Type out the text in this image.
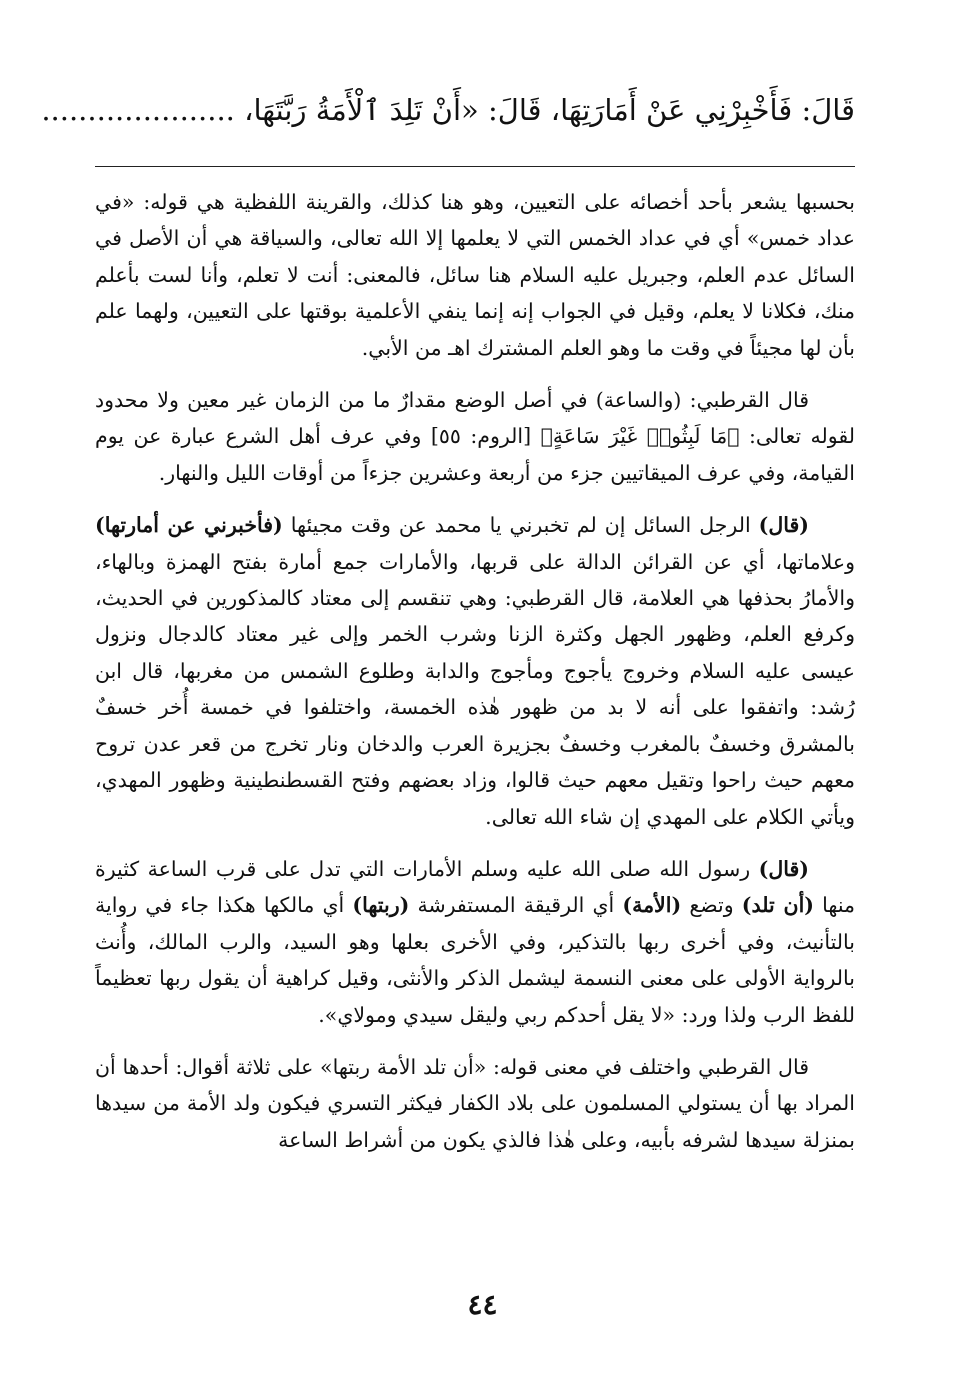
قَالَ: فَأَخْبِرْنِي عَنْ أَمَارَتِهَا، قَالَ: «أَنْ تَلِدَ ٱلْأَمَةُ رَبَّتَهَا، .....................

بحسبها يشعر بأحد أخصائه على التعيين، وهو هنا كذلك، والقرينة اللفظية هي قوله: «في عداد خمس» أي في عداد الخمس التي لا يعلمها إلا الله تعالى، والسياقة هي أن الأصل في السائل عدم العلم، وجبريل عليه السلام هنا سائل، فالمعنى: أنت لا تعلم، وأنا لست بأعلم منك، فكلانا لا يعلم، وقيل في الجواب إنه إنما ينفي الأعلمية بوقتها على التعيين، ولهما علم بأن لها مجيئاً في وقت ما وهو العلم المشترك اهـ من الأبي.

قال القرطبي: (والساعة) في أصل الوضع مقدارٌ ما من الزمان غير معين ولا محدود لقوله تعالى: ﴿مَا لَبِثُوا۟ غَيْرَ سَاعَةٍ﴾ [الروم: ٥٥] وفي عرف أهل الشرع عبارة عن يوم القيامة، وفي عرف الميقاتيين جزء من أربعة وعشرين جزءاً من أوقات الليل والنهار.

(قال) الرجل السائل إن لم تخبرني يا محمد عن وقت مجيئها (فأخبرني عن أمارتها) وعلاماتها، أي عن القرائن الدالة على قربها، والأمارات جمع أمارة بفتح الهمزة وبالهاء، والأمارُ بحذفها هي العلامة، قال القرطبي: وهي تنقسم إلى معتاد كالمذكورين في الحديث، وكرفع العلم، وظهور الجهل وكثرة الزنا وشرب الخمر وإلى غير معتاد كالدجال ونزول عيسى عليه السلام وخروج يأجوج ومأجوج والدابة وطلوع الشمس من مغربها، قال ابن رُشد: واتفقوا على أنه لا بد من ظهور هٰذه الخمسة، واختلفوا في خمسة أُخر خسفٌ بالمشرق وخسفٌ بالمغرب وخسفٌ بجزيرة العرب والدخان ونار تخرج من قعر عدن تروح معهم حيث راحوا وتقيل معهم حيث قالوا، وزاد بعضهم وفتح القسطنطينية وظهور المهدي، ويأتي الكلام على المهدي إن شاء الله تعالى.

(قال) رسول الله صلى الله عليه وسلم الأمارات التي تدل على قرب الساعة كثيرة منها (أن تلد) وتضع (الأمة) أي الرقيقة المستفرشة (ربتها) أي مالكها هكذا جاء في رواية بالتأنيث، وفي أخرى ربها بالتذكير، وفي الأخرى بعلها وهو السيد، والرب المالك، وأُنث بالرواية الأولى على معنى النسمة ليشمل الذكر والأنثى، وقيل كراهية أن يقول ربها تعظيماً للفظ الرب ولذا ورد: «لا يقل أحدكم ربي وليقل سيدي ومولاي».

قال القرطبي واختلف في معنى قوله: «أن تلد الأمة ربتها» على ثلاثة أقوال: أحدها أن المراد بها أن يستولي المسلمون على بلاد الكفار فيكثر التسري فيكون ولد الأمة من سيدها بمنزلة سيدها لشرفه بأبيه، وعلى هٰذا فالذي يكون من أشراط الساعة

٤٤
